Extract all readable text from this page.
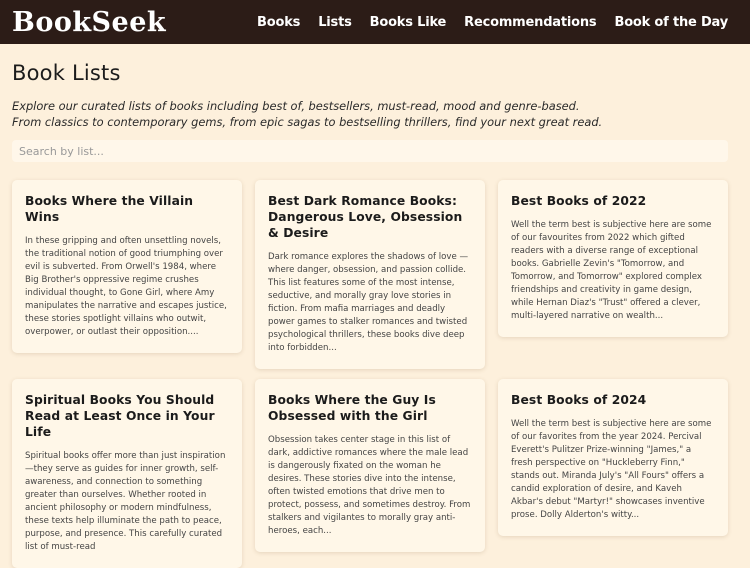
BookSeek	Books Lists Books Like Recommendations Book of the Day
Book Lists
Explore our curated lists of books including best of, bestsellers, must-read, mood and genre-based.
From classics to contemporary gems, from epic sagas to bestselling thrillers, find your next great read.
Search by list...
Books Where the Villain Wins

In these gripping and often unsettling novels, the traditional notion of good triumphing over evil is subverted. From Orwell's 1984, where Big Brother's oppressive regime crushes individual thought, to Gone Girl, where Amy manipulates the narrative and escapes justice, these stories spotlight villains who outwit, overpower, or outlast their opposition....

Best Dark Romance Books: Dangerous Love, Obsession & Desire

Dark romance explores the shadows of love — where danger, obsession, and passion collide. This list features some of the most intense, seductive, and morally gray love stories in fiction. From mafia marriages and deadly power games to stalker romances and twisted psychological thrillers, these books dive deep into forbidden...

Best Books of 2022

Well the term best is subjective here are some of our favourites from 2022 which gifted readers with a diverse range of exceptional books. Gabrielle Zevin's "Tomorrow, and Tomorrow, and Tomorrow" explored complex friendships and creativity in game design, while Hernan Diaz's "Trust" offered a clever, multi-layered narrative on wealth...

Spiritual Books You Should Read at Least Once in Your Life

Spiritual books offer more than just inspiration—they serve as guides for inner growth, self-awareness, and connection to something greater than ourselves. Whether rooted in ancient philosophy or modern mindfulness, these texts help illuminate the path to peace, purpose, and presence. This carefully curated list of must-read

Books Where the Guy Is Obsessed with the Girl

Obsession takes center stage in this list of dark, addictive romances where the male lead is dangerously fixated on the woman he desires. These stories dive into the intense, often twisted emotions that drive men to protect, possess, and sometimes destroy. From stalkers and vigilantes to morally gray anti-heroes, each...

Best Books of 2024

Well the term best is subjective here are some of our favorites from the year 2024. Percival Everett's Pulitzer Prize-winning "James," a fresh perspective on "Huckleberry Finn," stands out. Miranda July's "All Fours" offers a candid exploration of desire, and Kaveh Akbar's debut "Martyr!" showcases inventive prose. Dolly Alderton's witty...
